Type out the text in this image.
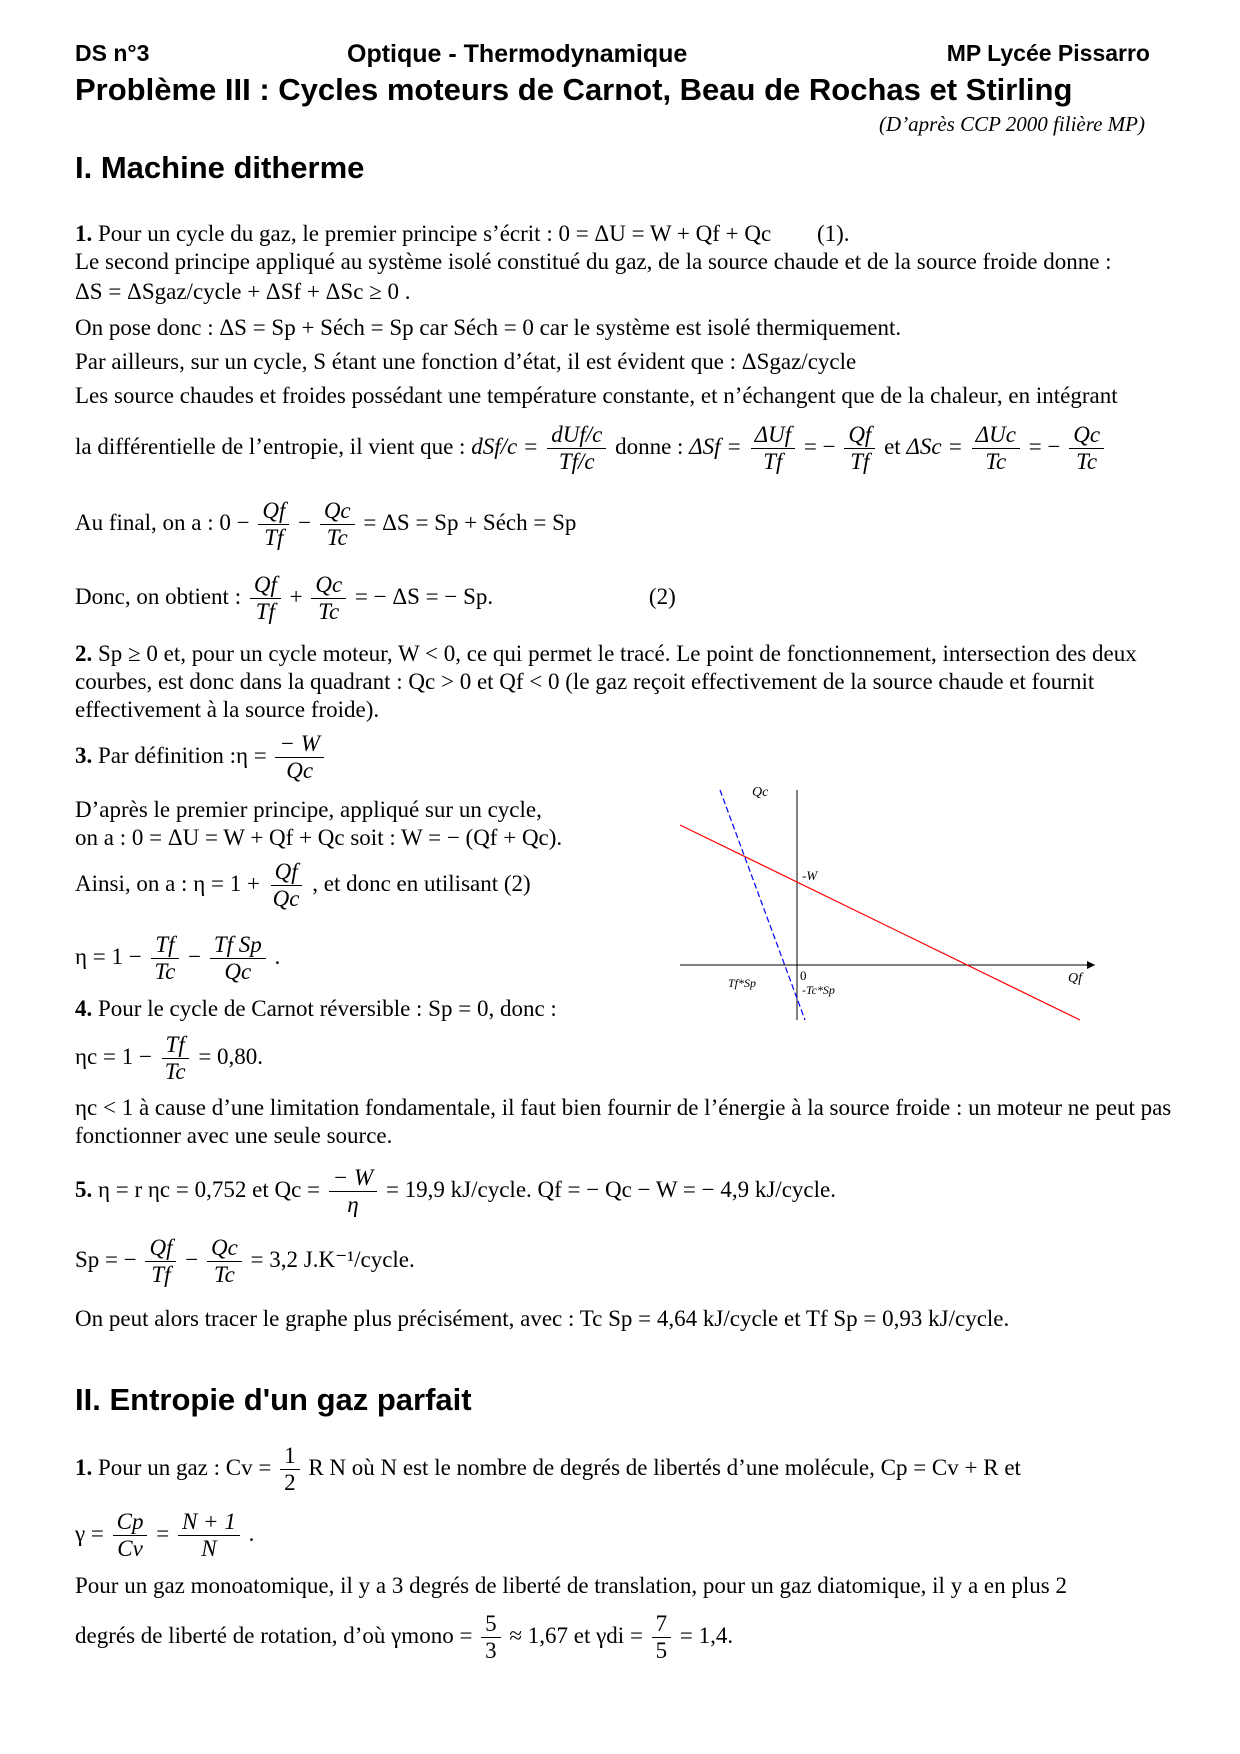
DS n°3	Optique - Thermodynamique	MP Lycée Pissarro
Problème III : Cycles moteurs de Carnot, Beau de Rochas et Stirling
(D’après CCP 2000 filière MP)
I. Machine ditherme
1. Pour un cycle du gaz, le premier principe s’écrit : 0 = ΔU = W + Qf + Qc (1).
Le second principe appliqué au système isolé constitué du gaz, de la source chaude et de la source froide donne :
ΔS = ΔSgaz/cycle + ΔSf + ΔSc ≥ 0 .
On pose donc : ΔS = Sp + Séch = Sp car Séch = 0 car le système est isolé thermiquement.
Par ailleurs, sur un cycle, S étant une fonction d’état, il est évident que : ΔSgaz/cycle
Les source chaudes et froides possédant une température constante, et n’échangent que de la chaleur, en intégrant
la différentielle de l’entropie, il vient que : $dSf/c = \frac{\text{dUf/c}}{Tf/c}$ donne : $\Delta Sf = \frac{\text{ΔUf}}{Tf}$ = − $\frac{Qf}{Tf}$ et $\Delta Sc = \frac{\text{ΔUc}}{Tc}$ = − $\frac{Qc}{Tc}$
Au final, on a : $0 - \frac{Qf}{Tf} - \frac{Qc}{Tc} = \Delta S = Sp$ + Séch = Sp
Donc, on obtient : $\frac{Qf}{Tf} + \frac{Qc}{Tc}$ = − ΔS = − Sp.	(2)
2. Sp ≥ 0 et, pour un cycle moteur, W < 0, ce qui permet le tracé. Le point de fonctionnement, intersection des deux courbes, est donc dans la quadrant : Qc > 0 et Qf < 0 (le gaz reçoit effectivement de la source chaude et fournit effectivement à la source froide).
3. Par définition :η = $\frac{- W}{Qc}$
D’après le premier principe, appliqué sur un cycle,
on a : 0 = ΔU = W + Qf + Qc soit : W = − (Qf + Qc).
Ainsi, on a : $\eta = 1 + \frac{Qf}{Qc}$ , et donc en utilisant (2)
$\eta = 1 - \frac{Tf}{Tc} - \frac{\text{Tf Sp}}{Qc}$ .
4. Pour le cycle de Carnot réversible : Sp = 0, donc :
$\eta c = 1 - \frac{Tf}{Tc} = 0,80$.
ηc < 1 à cause d’une limitation fondamentale, il faut bien fournir de l’énergie à la source froide : un moteur ne peut pas fonctionner avec une seule source.
5. η = r ηc = 0,752 et $Qc = \frac{- W}{\eta} = 19,9$ kJ/cycle. Qf = − Qc − W = − 4,9 kJ/cycle.
Sp = − $\frac{Qf}{Tf} - \frac{Qc}{Tc} = 3,2$ J.K⁻¹/cycle.
On peut alors tracer le graphe plus précisément, avec : Tc Sp = 4,64 kJ/cycle et Tf Sp = 0,93 kJ/cycle.
Qc
-W
0
Tf*Sp	-Tc*Sp
Qf
II. Entropie d'un gaz parfait
1. Pour un gaz : $Cv = \frac{1}{2}$ R N où N est le nombre de degrés de libertés d’une molécule, Cp = Cv + R et
$\gamma = \frac{Cp}{Cv} = \frac{N + 1}{N}$ .
Pour un gaz monoatomique, il y a 3 degrés de liberté de translation, pour un gaz diatomique, il y a en plus 2
degrés de liberté de rotation, d’où γmono = $\frac{5}{3} \approx 1,67$ et $\gamma di = \frac{7}{5} = 1,4$.
